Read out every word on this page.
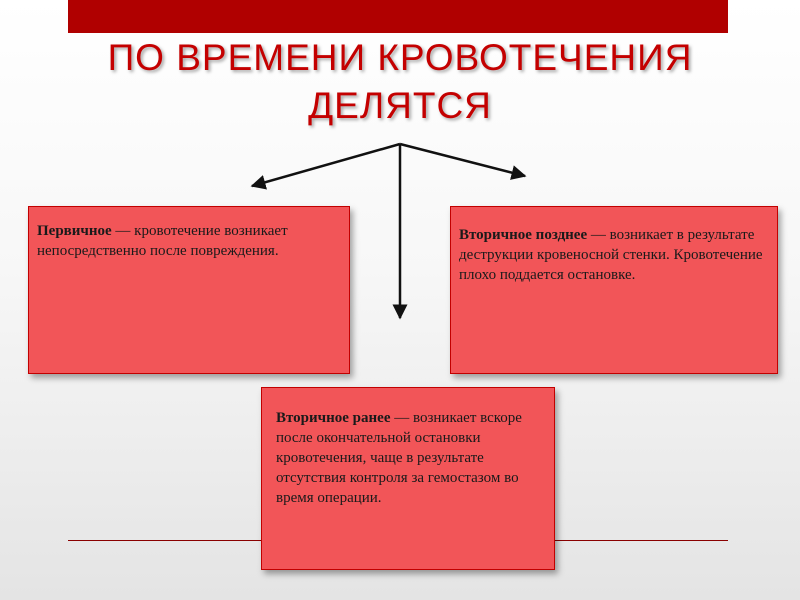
ПО ВРЕМЕНИ КРОВОТЕЧЕНИЯ
ДЕЛЯТСЯ

Первичное — кровотечение возникает непосредственно после повреждения.

Вторичное позднее — возникает в результате деструкции кровеносной стенки. Кровотечение плохо поддается остановке.

Вторичное ранее — возникает вскоре после окончательной остановки кровотечения, чаще в результате отсутствия контроля за гемостазом во время операции.
